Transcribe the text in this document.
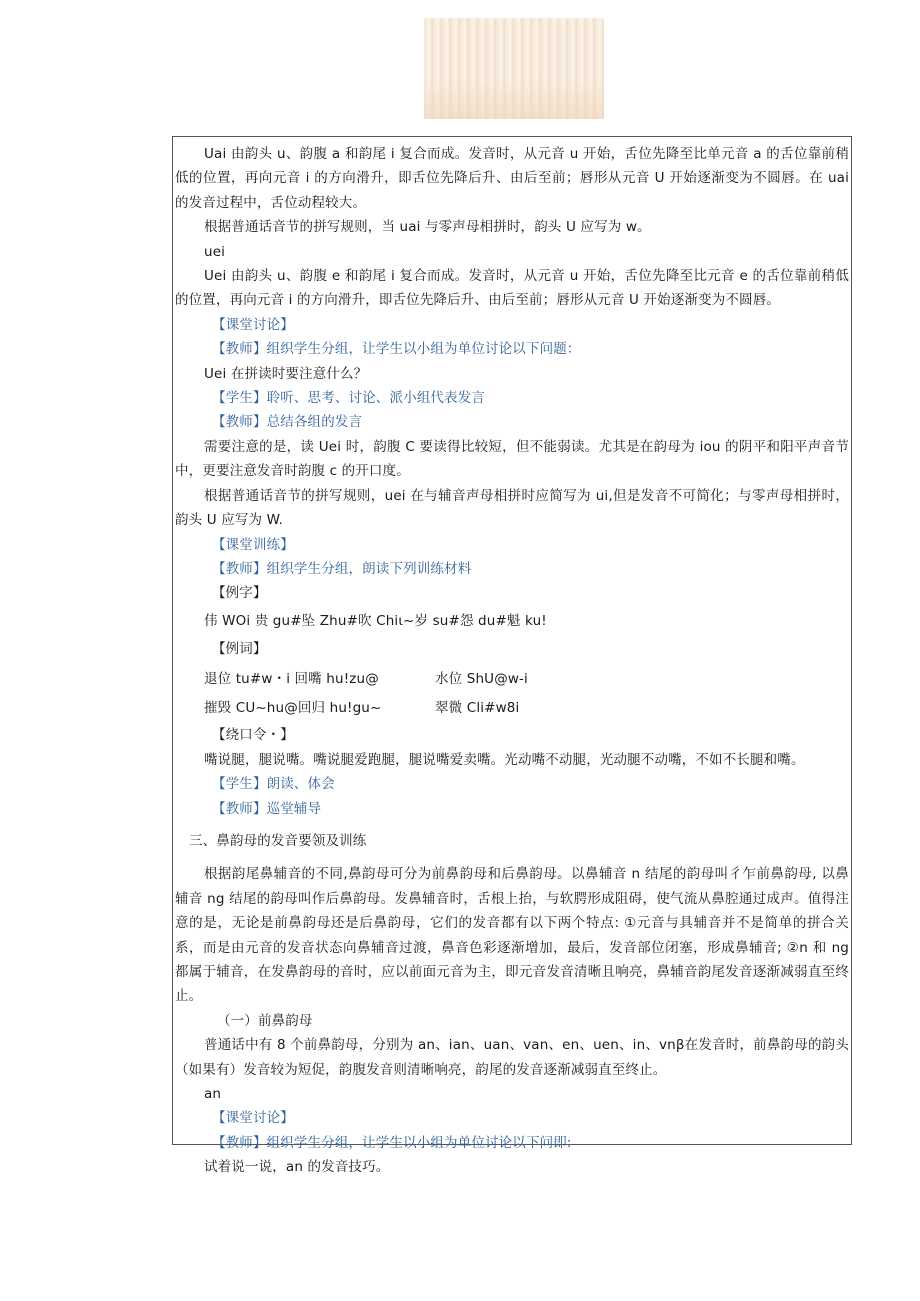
Uai 由韵头 u、韵腹 a 和韵尾 i 复合而成。发音时，从元音 u 开始，舌位先降至比单元音 a 的舌位靠前稍低的位置，再向元音 i 的方向滑升，即舌位先降后升、由后至前；唇形从元音 U 开始逐渐变为不圆唇。在 uai 的发音过程中，舌位动程较大。

根据普通话音节的拼写规则，当 uai 与零声母相拼时，韵头 U 应写为 w。

uei

Uei 由韵头 u、韵腹 e 和韵尾 i 复合而成。发音时，从元音 u 开始，舌位先降至比元音 e 的舌位靠前稍低的位置，再向元音 i 的方向滑升，即舌位先降后升、由后至前；唇形从元音 U 开始逐渐变为不圆唇。

【课堂讨论】

【教师】组织学生分组，让学生以小组为单位讨论以下问题：

Uei 在拼读时要注意什么？

【学生】聆听、思考、讨论、派小组代表发言

【教师】总结各组的发言

需要注意的是，读 Uei 时，韵腹 C 要读得比较短，但不能弱读。尤其是在韵母为 iou 的阴平和阳平声音节中，更要注意发音时韵腹 c 的开口度。

根据普通话音节的拼写规则，uei 在与辅音声母相拼时应简写为 ui,但是发音不可简化；与零声母相拼时，韵头 U 应写为 W.

【课堂训练】

【教师】组织学生分组，朗读下列训练材料

【例字】

伟 WOi 贵 gu#坠 Zhu#吹 Chiι~岁 su#怨 du#魁 ku!

【例词】

退位 tu#w・i 回嘴 hu!zu@	水位 ShU@w-i

摧毁 CU~hu@回归 hu!gu~	翠微 Cli#w8i

【绕口令・】

嘴说腿，腿说嘴。嘴说腿爱跑腿，腿说嘴爱卖嘴。光动嘴不动腿，光动腿不动嘴，不如不长腿和嘴。

【学生】朗读、体会

【教师】巡堂辅导

三、鼻韵母的发音要领及训练

根据韵尾鼻辅音的不同,鼻韵母可分为前鼻韵母和后鼻韵母。以鼻辅音 n 结尾的韵母叫彳乍前鼻韵母, 以鼻辅音 ng 结尾的韵母叫作后鼻韵母。发鼻辅音时，舌根上抬，与软腭形成阻碍，使气流从鼻腔通过成声。值得注意的是，无论是前鼻韵母还是后鼻韵母，它们的发音都有以下两个特点: ①元音与具辅音并不是简单的拼合关系，而是由元音的发音状态向鼻辅音过渡，鼻音色彩逐渐增加，最后，发音部位闭塞，形成鼻辅音; ②n 和 ng 都属于辅音，在发鼻韵母的音时，应以前面元音为主，即元音发音清晰且响亮，鼻辅音韵尾发音逐渐减弱直至终止。

（一）前鼻韵母

普通话中有 8 个前鼻韵母，分别为 an、ian、uan、van、en、uen、in、vnβ在发音时，前鼻韵母的韵头（如果有）发音较为短促，韵腹发音则清晰响亮，韵尾的发音逐渐减弱直至终止。

an

【课堂讨论】

【教师】组织学生分组，让学生以小组为单位讨论以下问即:

试着说一说，an 的发音技巧。
